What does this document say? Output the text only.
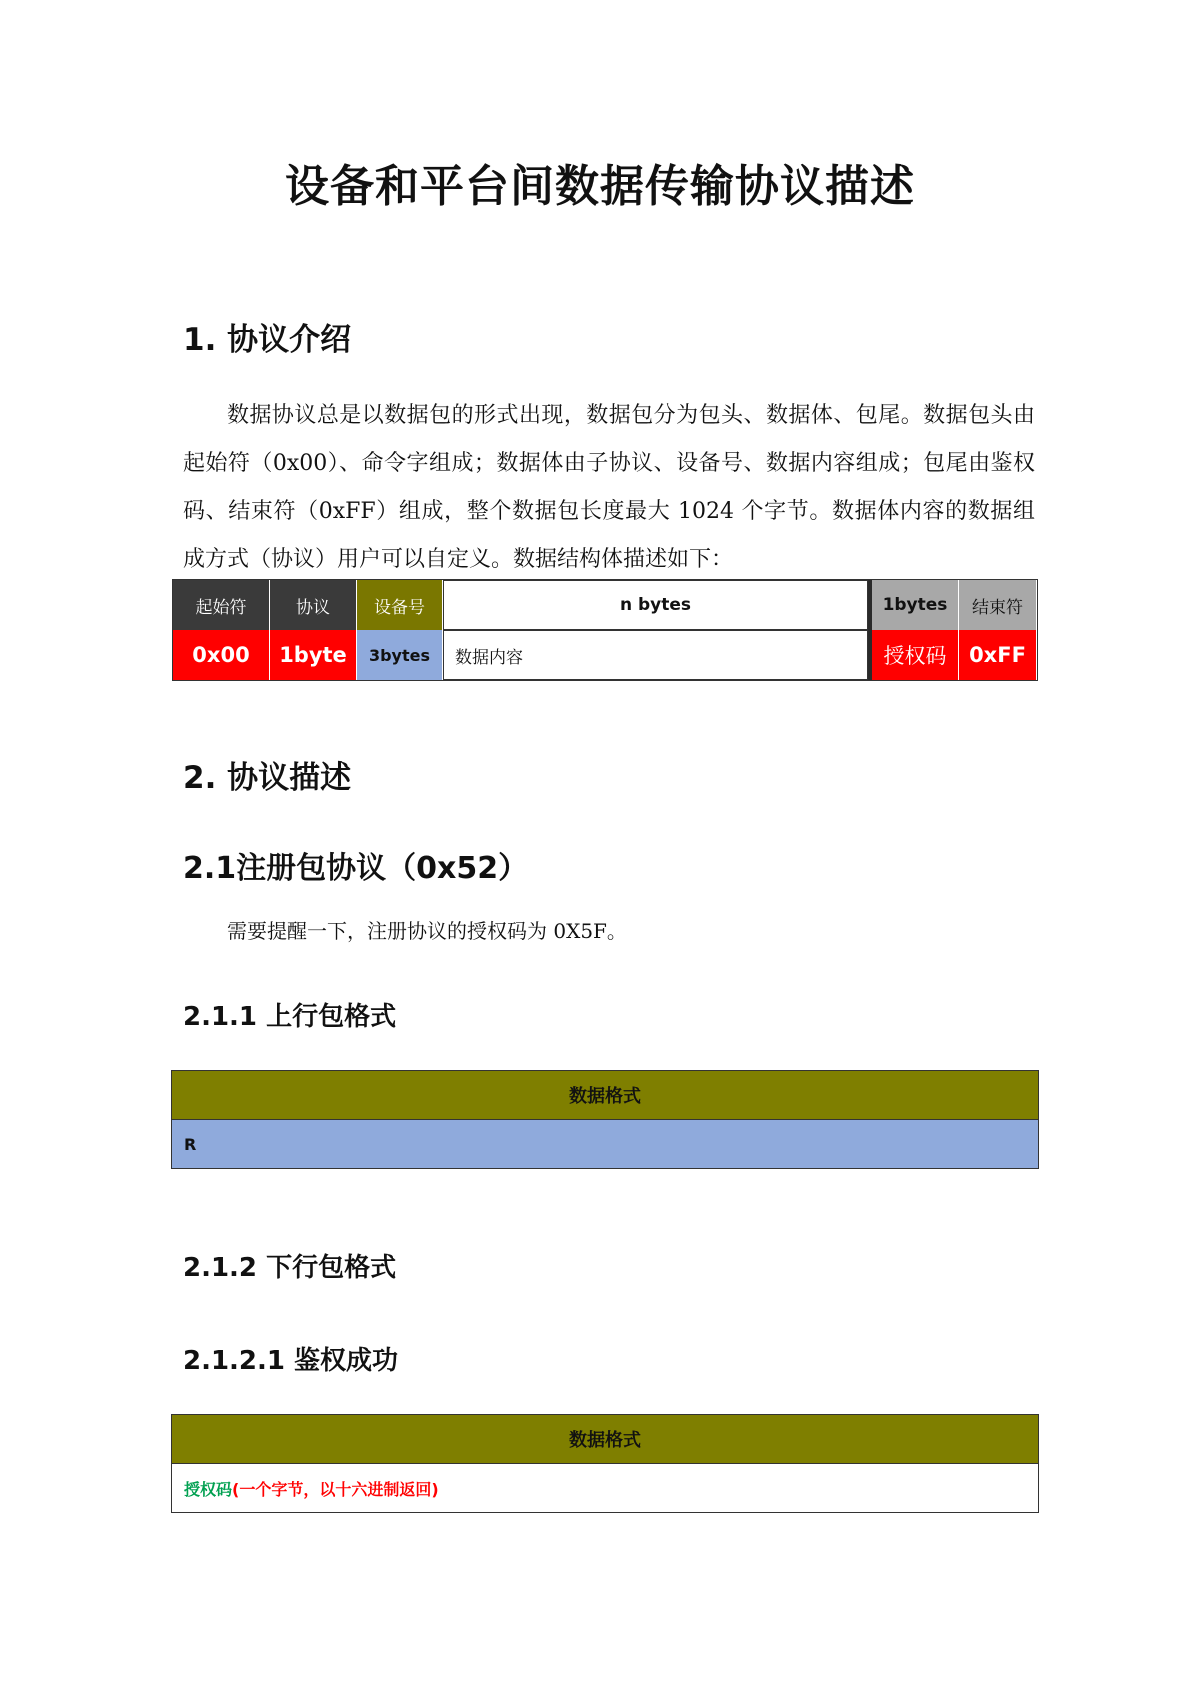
设备和平台间数据传输协议描述
1. 协议介绍

数据协议总是以数据包的形式出现，数据包分为包头、数据体、包尾。数据包头由起始符（0x00）、命令字组成；数据体由子协议、设备号、数据内容组成；包尾由鉴权码、结束符（0xFF）组成，整个数据包长度最大 1024 个字节。数据体内容的数据组成方式（协议）用户可以自定义。数据结构体描述如下：

起始符	协议	设备号	n bytes	1bytes	结束符
0x00	1byte	3bytes	数据内容	授权码	0xFF
2. 协议描述
2.1注册包协议（0x52）

需要提醒一下，注册协议的授权码为 0X5F。

2.1.1 上行包格式
数据格式
R
2.1.2 下行包格式
2.1.2.1 鉴权成功
数据格式
授权码 (一个字节，以十六进制返回)
